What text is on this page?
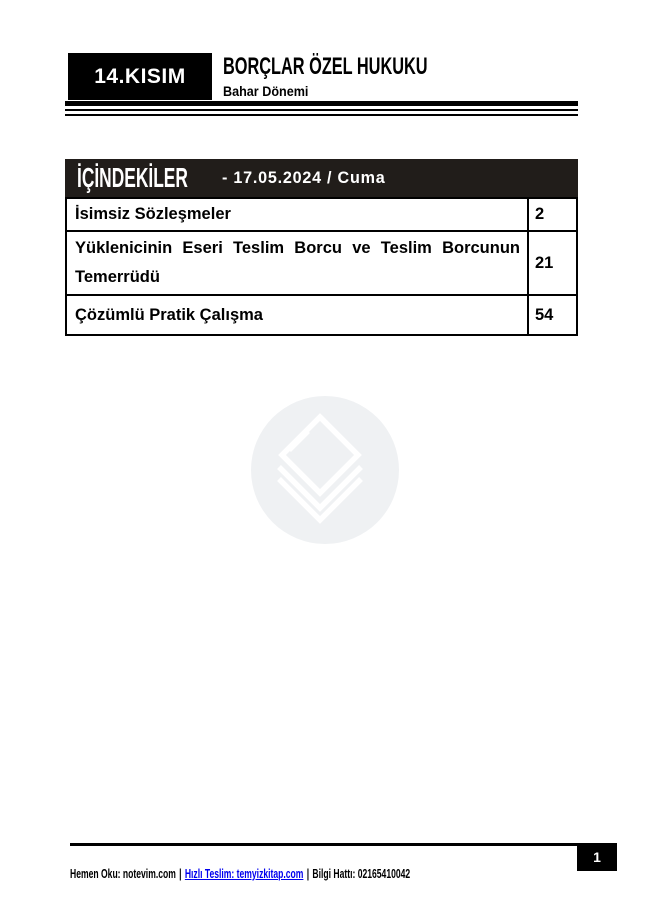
14.KISIM BORÇLAR ÖZEL HUKUKU
Bahar Dönemi
İÇİNDEKİLER - 17.05.2024 / Cuma
İsimsiz Sözleşmeler	2
Yüklenicinin Eseri Teslim Borcu ve Teslim Borcunun Temerrüdü	21
Çözümlü Pratik Çalışma	54
1
Hemen Oku: notevim.com | Hızlı Teslim: temyizkitap.com | Bilgi Hattı: 02165410042
